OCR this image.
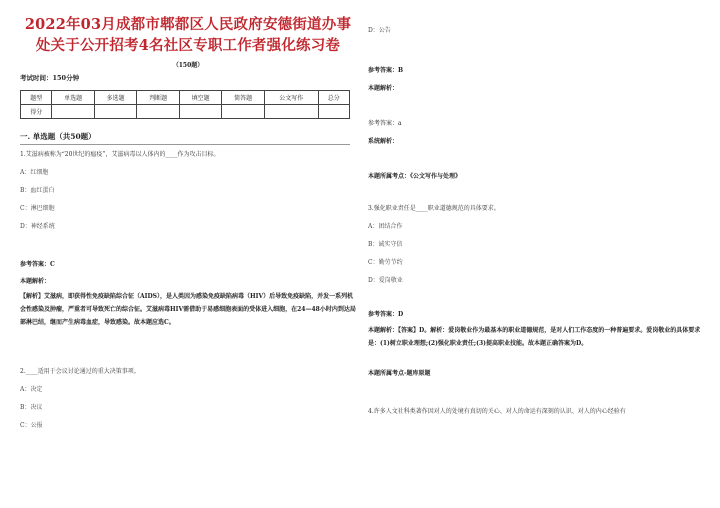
2022年03月成都市郫都区人民政府安德街道办事处关于公开招考4名社区专职工作者强化练习卷
（150题）
考试时间：150分钟
题型	单选题	多选题	判断题	填空题	简答题	公文写作	总分
得分							
一. 单选题（共50题）
1.艾滋病被称为“20世纪的瘟疫”，艾滋病毒以人体内的____作为攻击目标。
A：红细胞
B：血红蛋白
C：淋巴细胞
D：神经系统
参考答案：C
本题解析：
【解析】艾滋病，即获得性免疫缺陷综合征（AIDS），是人类因为感染免疫缺陷病毒（HIV）后导致免疫缺陷，并发一系列机会性感染及肿瘤，严重者可导致死亡的综合征。艾滋病毒HIV需借助于易感细胞表面的受体进入细胞，在24—48小时内到达局部淋巴结，继而产生病毒血症，导致感染。故本题应选C。
2.____适用于会议讨论通过的重大决策事项。
A：决定
B：决议
C：公报
D：公告
参考答案：B
本题解析：
参考答案：a
系统解析：
本题所属考点：《公文写作与处理》
3.强化职业责任是____职业道德规范的具体要求。
A：团结合作
B：诚实守信
C：勤劳节约
D：爱岗敬业
参考答案：D
本题解析：【答案】D。解析：爱岗敬业作为最基本的职业道德规范，是对人们工作态度的一种普遍要求。爱岗敬业的具体要求是：(1)树立职业理想;(2)强化职业责任;(3)提高职业技能。故本题正确答案为D。
本题所属考点-题库原题
4.许多人文社科类著作因对人的处境有真切的关心、对人的命运有深刻的认识、对人的内心经验有
